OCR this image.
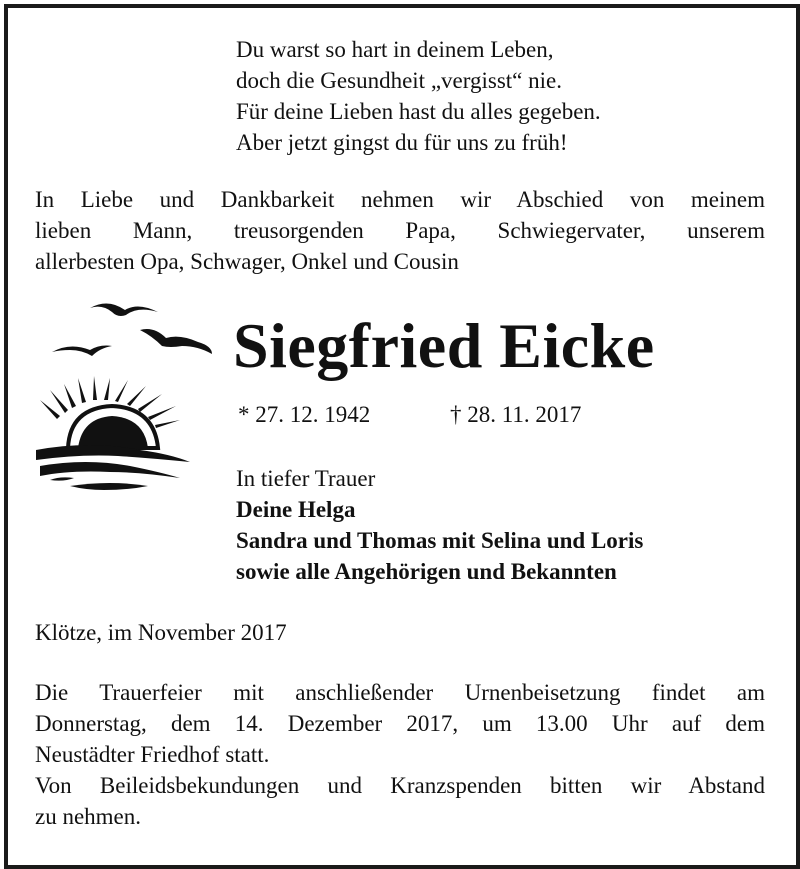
Du warst so hart in deinem Leben,
doch die Gesundheit „vergisst“ nie.
Für deine Lieben hast du alles gegeben.
Aber jetzt gingst du für uns zu früh!
In Liebe und Dankbarkeit nehmen wir Abschied von meinem
lieben Mann, treusorgenden Papa, Schwiegervater, unserem
allerbesten Opa, Schwager, Onkel und Cousin
Siegfried Eicke
* 27. 12. 1942	† 28. 11. 2017
In tiefer Trauer
Deine Helga
Sandra und Thomas mit Selina und Loris
sowie alle Angehörigen und Bekannten
Klötze, im November 2017
Die Trauerfeier mit anschließender Urnenbeisetzung findet am
Donnerstag, dem 14. Dezember 2017, um 13.00 Uhr auf dem
Neustädter Friedhof statt.
Von Beileidsbekundungen und Kranzspenden bitten wir Abstand
zu nehmen.
